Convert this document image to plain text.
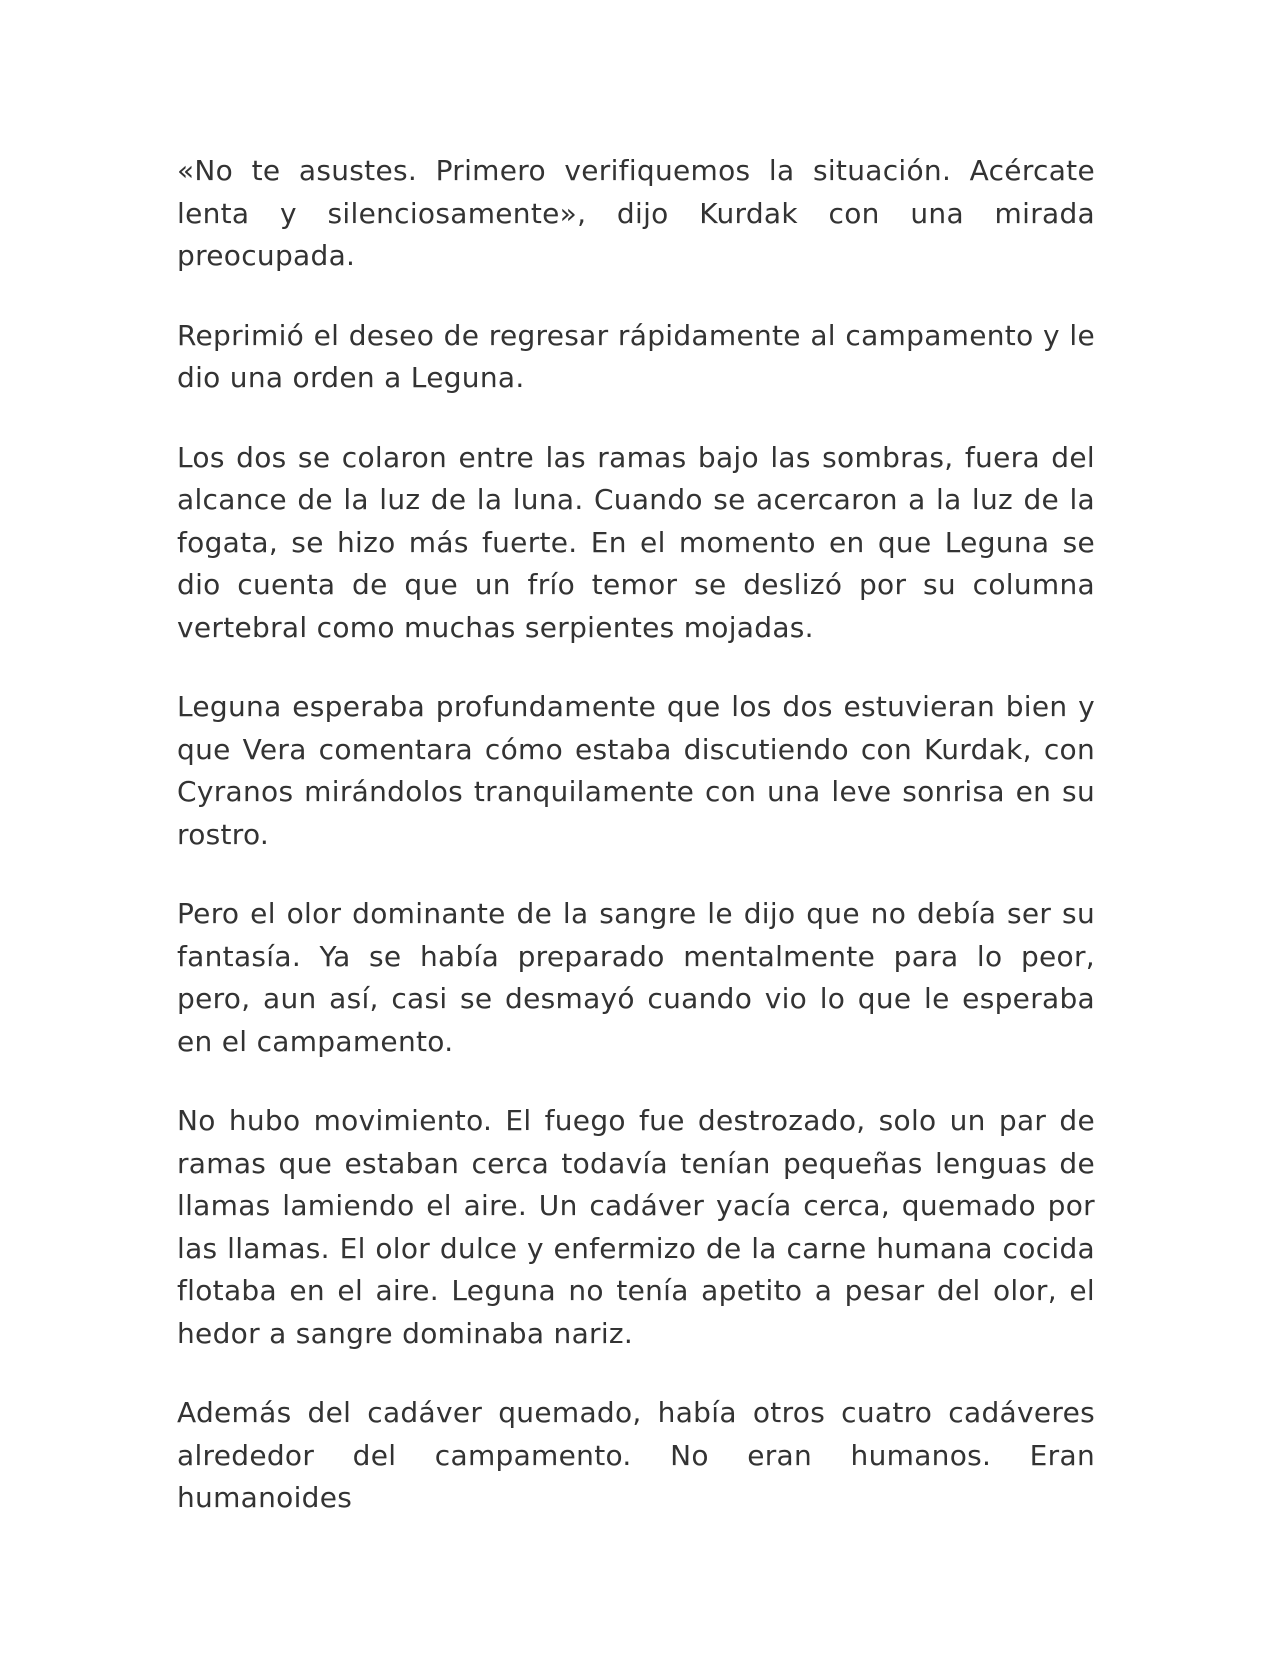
«No te asustes. Primero verifiquemos la situación. Acércate lenta y silenciosamente», dijo Kurdak con una mirada preocupada.

Reprimió el deseo de regresar rápidamente al campamento y le dio una orden a Leguna.

Los dos se colaron entre las ramas bajo las sombras, fuera del alcance de la luz de la luna. Cuando se acercaron a la luz de la fogata, se hizo más fuerte. En el momento en que Leguna se dio cuenta de que un frío temor se deslizó por su columna vertebral como muchas serpientes mojadas.

Leguna esperaba profundamente que los dos estuvieran bien y que Vera comentara cómo estaba discutiendo con Kurdak, con Cyranos mirándolos tranquilamente con una leve sonrisa en su rostro.

Pero el olor dominante de la sangre le dijo que no debía ser su fantasía. Ya se había preparado mentalmente para lo peor, pero, aun así, casi se desmayó cuando vio lo que le esperaba en el campamento.

No hubo movimiento. El fuego fue destrozado, solo un par de ramas que estaban cerca todavía tenían pequeñas lenguas de llamas lamiendo el aire. Un cadáver yacía cerca, quemado por las llamas. El olor dulce y enfermizo de la carne humana cocida flotaba en el aire. Leguna no tenía apetito a pesar del olor, el hedor a sangre dominaba nariz.

Además del cadáver quemado, había otros cuatro cadáveres alrededor del campamento. No eran humanos. Eran humanoides
